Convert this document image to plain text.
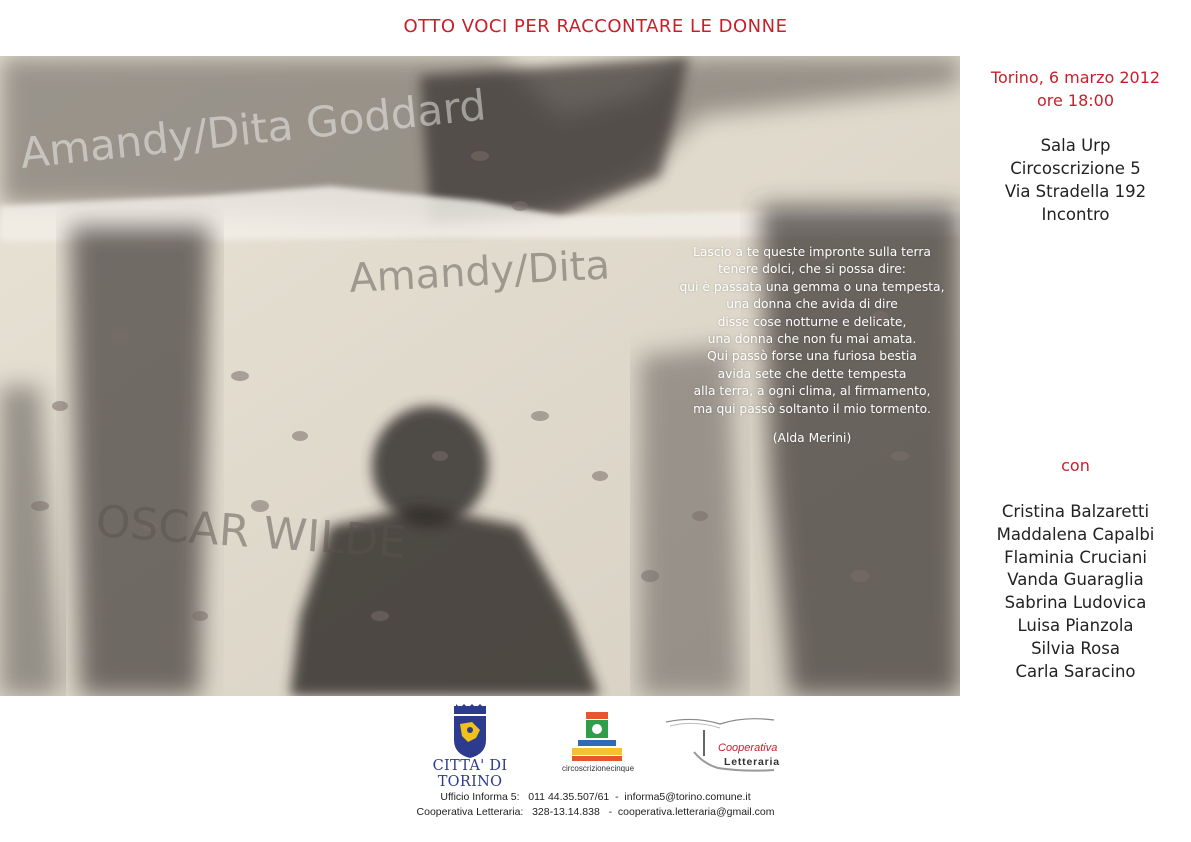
OTTO VOCI PER RACCONTARE LE DONNE
Amandy/Dita Goddard
Amandy/Dita
OSCAR WILDE
Lascio a te queste impronte sulla terra
tenere dolci, che si possa dire:
qui è passata una gemma o una tempesta,
una donna che avida di dire
disse cose notturne e delicate,
una donna che non fu mai amata.
Qui passò forse una furiosa bestia
avida sete che dette tempesta
alla terra, a ogni clima, al firmamento,
ma qui passò soltanto il mio tormento.
(Alda Merini)
Torino, 6 marzo 2012
ore 18:00
Sala Urp
Circoscrizione 5
Via Stradella 192
Incontro
con
Cristina Balzaretti
Maddalena Capalbi
Flaminia Cruciani
Vanda Guaraglia
Sabrina Ludovica
Luisa Pianzola
Silvia Rosa
Carla Saracino
CITTA' DI TORINO
circoscrizionecinque
Cooperativa
Letteraria
Ufficio Informa 5:   011 44.35.507/61  -  informa5@torino.comune.it
Cooperativa Letteraria:   328-13.14.838   -  cooperativa.letteraria@gmail.com
